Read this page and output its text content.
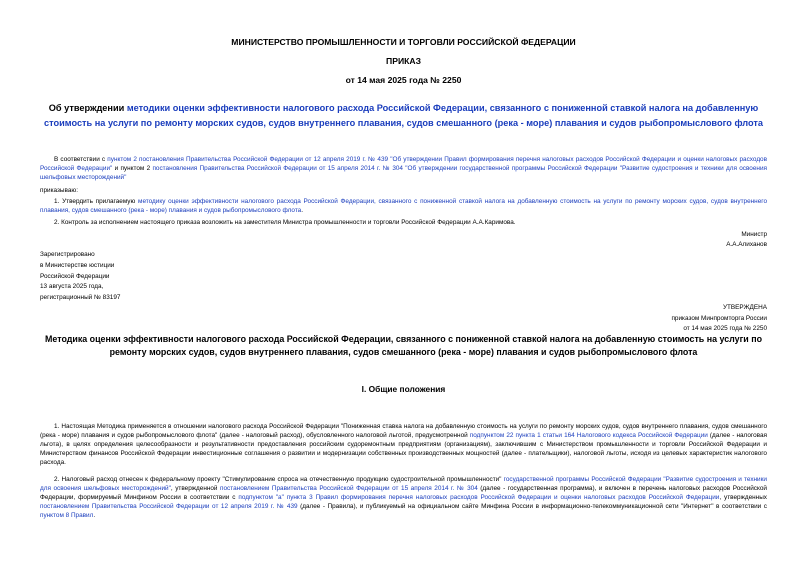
МИНИСТЕРСТВО ПРОМЫШЛЕННОСТИ И ТОРГОВЛИ РОССИЙСКОЙ ФЕДЕРАЦИИ
ПРИКАЗ
от 14 мая 2025 года № 2250
Об утверждении методики оценки эффективности налогового расхода Российской Федерации, связанного с пониженной ставкой налога на добавленную стоимость на услуги по ремонту морских судов, судов внутреннего плавания, судов смешанного (река - море) плавания и судов рыбопромыслового флота
В соответствии с пунктом 2 постановления Правительства Российской Федерации от 12 апреля 2019 г. № 439 "Об утверждении Правил формирования перечня налоговых расходов Российской Федерации и оценки налоговых расходов Российской Федерации" и пунктом 2 постановления Правительства Российской Федерации от 15 апреля 2014 г. № 304 "Об утверждении государственной программы Российской Федерации "Развитие судостроения и техники для освоения шельфовых месторождений"
приказываю:
1. Утвердить прилагаемую методику оценки эффективности налогового расхода Российской Федерации, связанного с пониженной ставкой налога на добавленную стоимость на услуги по ремонту морских судов, судов внутреннего плавания, судов смешанного (река - море) плавания и судов рыбопромыслового флота.
2. Контроль за исполнением настоящего приказа возложить на заместителя Министра промышленности и торговли Российской Федерации А.А.Каримова.
Министр
А.А.Алиханов
Зарегистрировано
в Министерстве юстиции
Российской Федерации
13 августа 2025 года,
регистрационный № 83197
УТВЕРЖДЕНА
приказом Минпромторга России
от 14 мая 2025 года № 2250
Методика оценки эффективности налогового расхода Российской Федерации, связанного с пониженной ставкой налога на добавленную стоимость на услуги по ремонту морских судов, судов внутреннего плавания, судов смешанного (река - море) плавания и судов рыбопромыслового флота
I. Общие положения
1. Настоящая Методика применяется в отношении налогового расхода Российской Федерации "Пониженная ставка налога на добавленную стоимость на услуги по ремонту морских судов, судов внутреннего плавания, судов смешанного (река - море) плавания и судов рыбопромыслового флота" (далее - налоговый расход), обусловленного налоговой льготой, предусмотренной подпунктом 22 пункта 1 статьи 164 Налогового кодекса Российской Федерации (далее - налоговая льгота), в целях определения целесообразности и результативности предоставления российским судоремонтным предприятиям (организациям), заключившим с Министерством промышленности и торговли Российской Федерации и Министерством финансов Российской Федерации инвестиционные соглашения о развитии и модернизации собственных производственных мощностей (далее - плательщики), налоговой льготы, исходя из целевых характеристик налогового расхода.
2. Налоговый расход отнесен к федеральному проекту "Стимулирование спроса на отечественную продукцию судостроительной промышленности" государственной программы Российской Федерации "Развитие судостроения и техники для освоения шельфовых месторождений", утвержденной постановлением Правительства Российской Федерации от 15 апреля 2014 г. № 304 (далее - государственная программа), и включен в перечень налоговых расходов Российской Федерации, формируемый Минфином России в соответствии с подпунктом "а" пункта 3 Правил формирования перечня налоговых расходов Российской Федерации и оценки налоговых расходов Российской Федерации, утвержденных постановлением Правительства Российской Федерации от 12 апреля 2019 г. № 439 (далее - Правила), и публикуемый на официальном сайте Минфина России в информационно-телекоммуникационной сети "Интернет" в соответствии с пунктом 8 Правил.
